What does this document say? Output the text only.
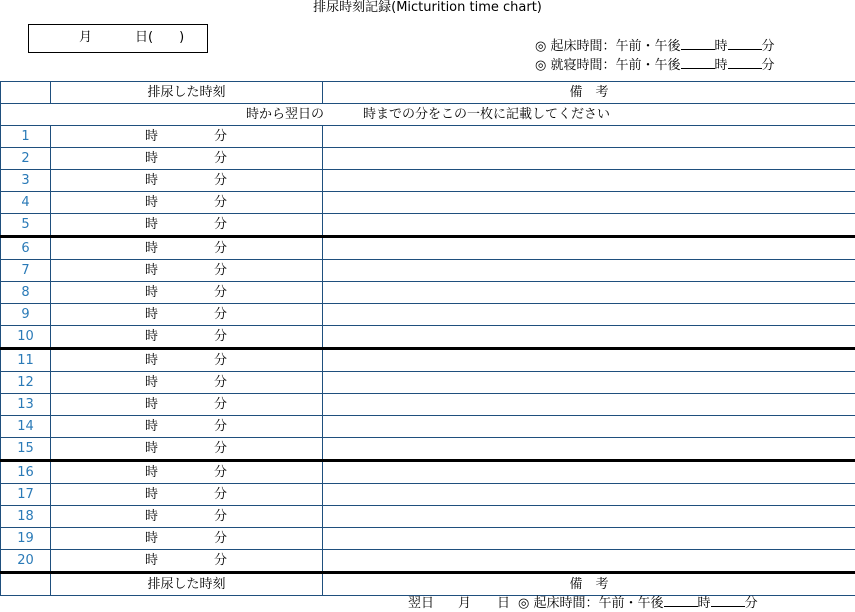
排尿時刻記録(Micturition time chart)
月	日(　　)
◎ 起床時間：午前・午後	時	分
◎ 就寝時間：午前・午後	時	分
	排尿した時刻	備　考
時から翌日の　　　時までの分をこの一枚に記載してください		
1	時 分	

2	時 分	

3	時 分	

4	時 分	

5	時 分	

6	時 分	

7	時 分	

8	時 分	

9	時 分	

10	時 分	

11	時 分	

12	時 分	

13	時 分	

14	時 分	

15	時 分	

16	時 分	

17	時 分	

18	時 分	

19	時 分	

20	時 分	

	排尿した時刻	備　考
翌日 月 日 ◎ 起床時間：午前・午後	時	分
